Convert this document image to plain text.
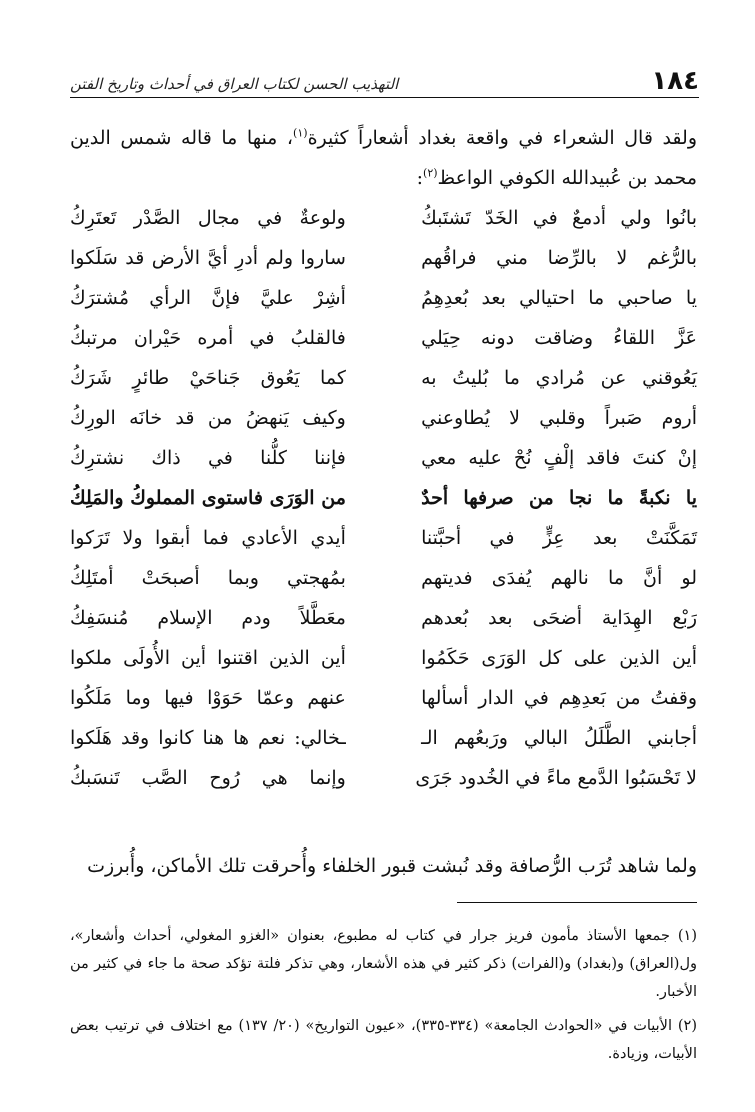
١٨٤
التهذيب الحسن لكتاب العراق في أحداث وتاريخ الفتن
ولقد قال الشعراء في واقعة بغداد أشعاراً كثيرة$^{(١)}$، منها ما قاله شمس الدين محمد بن عُبيدالله الكوفي الواعظ$^{(٢)}$:
بانُوا ولي أدمعٌ في الخَدّ تَشتَبكُ
ولوعةٌ في مجال الصَّدْر تَعتَرِكُ
بالرُّغم لا بالرِّضا مني فراقُهم
ساروا ولم أدرِ أيَّ الأرض قد سَلَكوا
يا صاحبي ما احتيالي بعد بُعدِهِمُ
أشِرْ عليَّ فإنَّ الرأي مُشترَكُ
عَزَّ اللقاءُ وضاقت دونه حِيَلي
فالقلبُ في أمره حَيْران مرتبكُ
يَعُوقني عن مُرادي ما بُليتُ به
كما يَعُوق جَناحَيْ طائرٍ شَرَكُ
أروم صَبراً وقلبي لا يُطاوعني
وكيف يَنهضُ من قد خانَه الورِكُ
إنْ كنتَ فاقد إلْفٍ نُحْ عليه معي
فإننا كلُّنا في ذاك نشترِكُ
يا نكبةً ما نجا من صرفها أحدٌ
من الوَرَى فاستوى المملوكُ والمَلِكُ
تَمَكَّنَتْ بعد عِزٍّ في أحبَّتنا
أيدي الأعادي فما أبقوا ولا تَرَكوا
لو أنَّ ما نالهم يُفدَى فديتهم
بمُهجتي وبما أصبحَتْ أمتَلِكُ
رَبْع الهِدَاية أضحَى بعد بُعدهم
معَطَّلاً ودم الإسلام مُنسَفِكُ
أين الذين على كل الوَرَى حَكَمُوا
أين الذين اقتنوا أين الأُولَى ملكوا
وقفتُ من بَعدِهِم في الدار أسألها
عنهم وعمّا حَوَوْا فيها وما مَلَكُوا
أجابني الطَّلَلُ البالي ورَبعُهم الـ
ـخالي: نعم ها هنا كانوا وقد هَلَكوا
لا تَحْسَبُوا الدَّمع ماءً في الخُدود جَرَى
وإنما هي رُوح الصَّب تَنسَبكُ
ولما شاهد تُرَب الرُّصافة وقد نُبشت قبور الخلفاء وأُحرقت تلك الأماكن، وأُبرزت

(١) جمعها الأستاذ مأمون فريز جرار في كتاب له مطبوع، بعنوان «الغزو المغولي، أحداث وأشعار»، ول(العراق) و(بغداد) و(الفرات) ذكر كثير في هذه الأشعار، وهي تذكر فلتة تؤكد صحة ما جاء في كثير من الأخبار.

(٢) الأبيات في «الحوادث الجامعة» (٣٣٤-٣٣٥)، «عيون التواريخ» (٢٠/ ١٣٧) مع اختلاف في ترتيب بعض الأبيات، وزيادة.
